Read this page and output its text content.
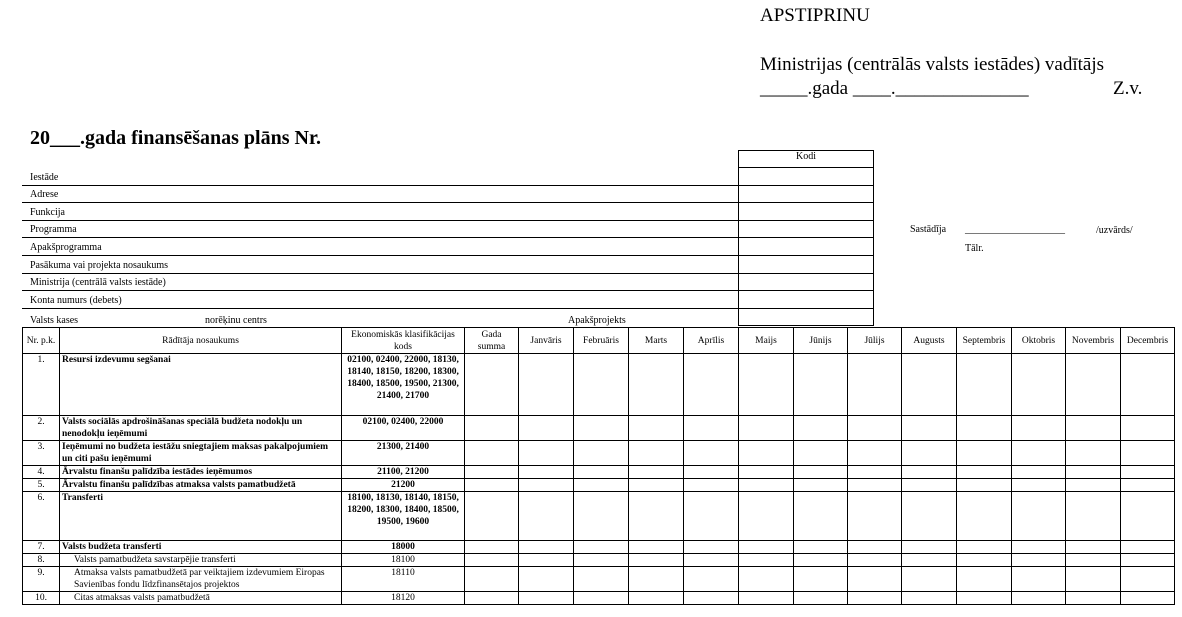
APSTIPRINU
Ministrijas (centrālās valsts iestādes) vadītājs
_____.gada ____.______________	Z.v.
20___.gada finansēšanas plāns Nr.
Kodi
Iestāde
Adrese
Funkcija
Programma
Apakšprogramma
Pasākuma vai projekta nosaukums
Ministrija (centrālā valsts iestāde)
Konta numurs (debets)
Valsts kases	norēķinu centrs	Apakšprojekts
Sastādīja ____________________	/uzvārds/
Tālr.
Nr. p.k.	Rādītāja nosaukums	Ekonomiskās klasifikācijas kods	Gada summa	Janvāris	Februāris	Marts	Aprīlis	Maijs	Jūnijs	Jūlijs	Augusts	Septembris	Oktobris	Novembris	Decembris
1.	Resursi izdevumu segšanai	02100, 02400, 22000, 18130, 18140, 18150, 18200, 18300, 18400, 18500, 19500, 21300, 21400, 21700													
2.	Valsts sociālās apdrošināšanas speciālā budžeta nodokļu un nenodokļu ieņēmumi	02100, 02400, 22000													
3.	Ieņēmumi no budžeta iestāžu sniegtajiem maksas pakalpojumiem un citi pašu ieņēmumi	21300, 21400													
4.	Ārvalstu finanšu palīdzība iestādes ieņēmumos	21100, 21200													
5.	Ārvalstu finanšu palīdzības atmaksa valsts pamatbudžetā	21200													
6.	Transferti	18100, 18130, 18140, 18150, 18200, 18300, 18400, 18500, 19500, 19600													
7.	Valsts budžeta transferti	18000													
8.	Valsts pamatbudžeta savstarpējie transferti	18100													
9.	Atmaksa valsts pamatbudžetā par veiktajiem izdevumiem Eiropas Savienības fondu līdzfinansētajos projektos	18110													
10.	Citas atmaksas valsts pamatbudžetā	18120													
